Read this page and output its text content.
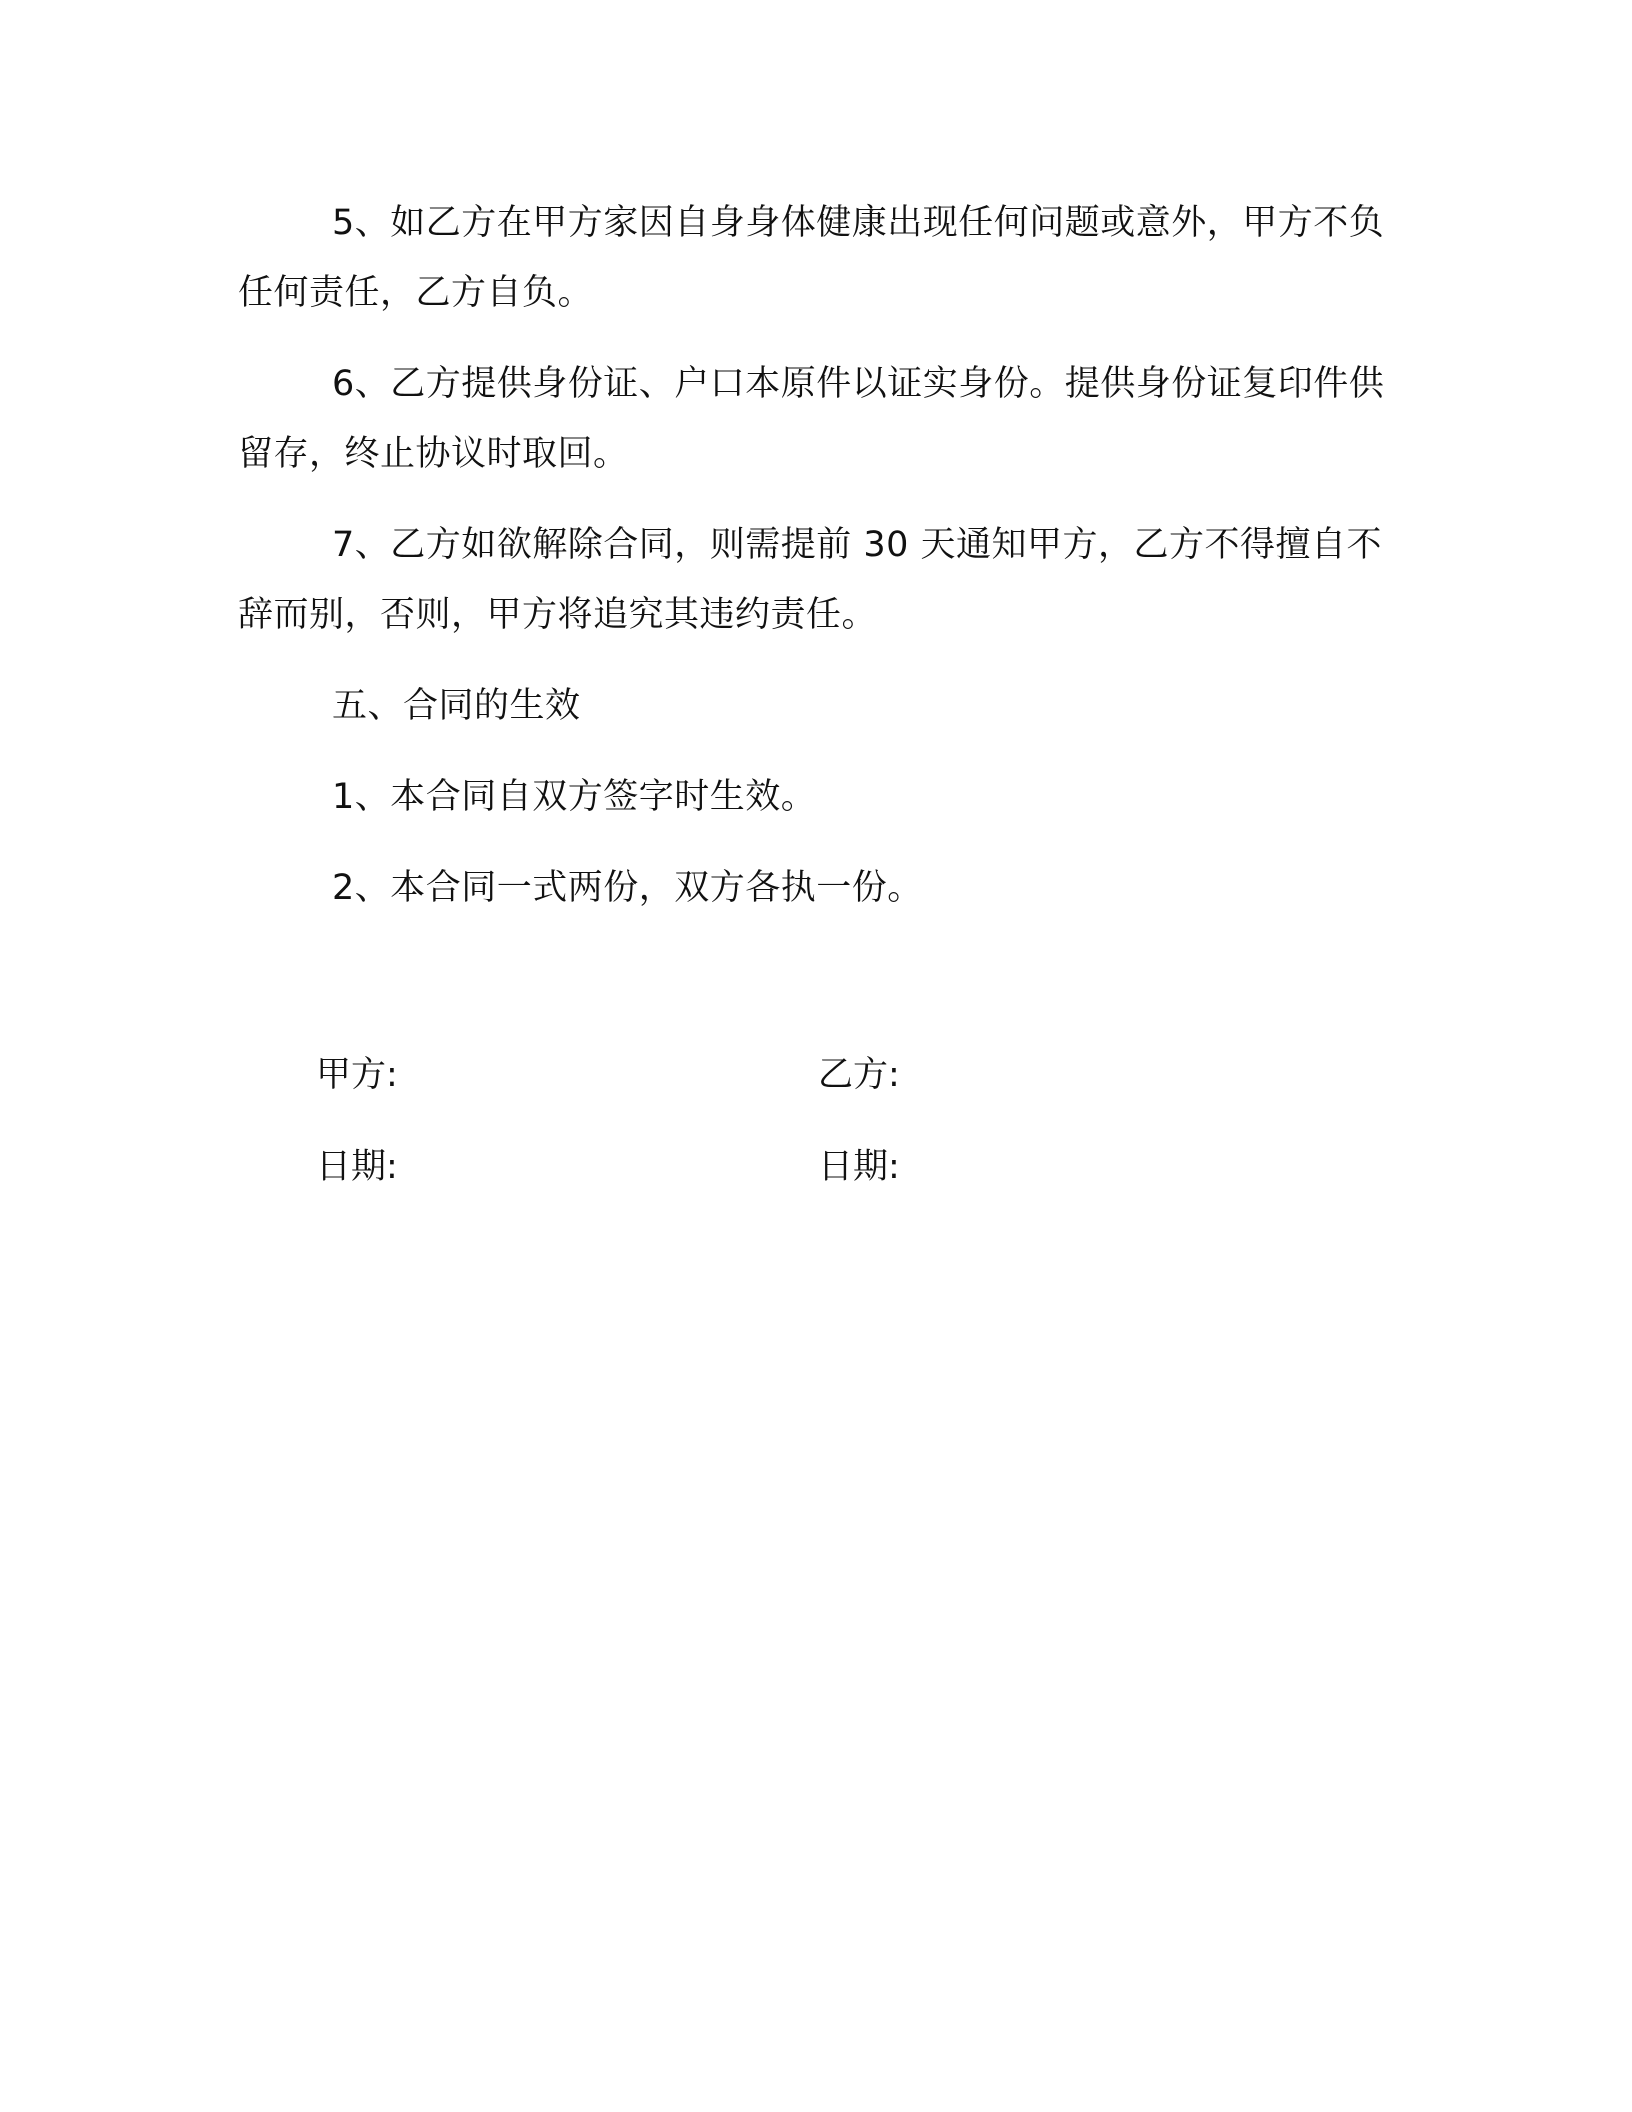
5、如乙方在甲方家因自身身体健康出现任何问题或意外，甲方不负任何责任，乙方自负。

6、乙方提供身份证、户口本原件以证实身份。提供身份证复印件供留存，终止协议时取回。

7、乙方如欲解除合同，则需提前 30 天通知甲方，乙方不得擅自不辞而别，否则，甲方将追究其违约责任。

五、合同的生效

1、本合同自双方签字时生效。

2、本合同一式两份，双方各执一份。

甲方:	乙方:
日期:	日期:
